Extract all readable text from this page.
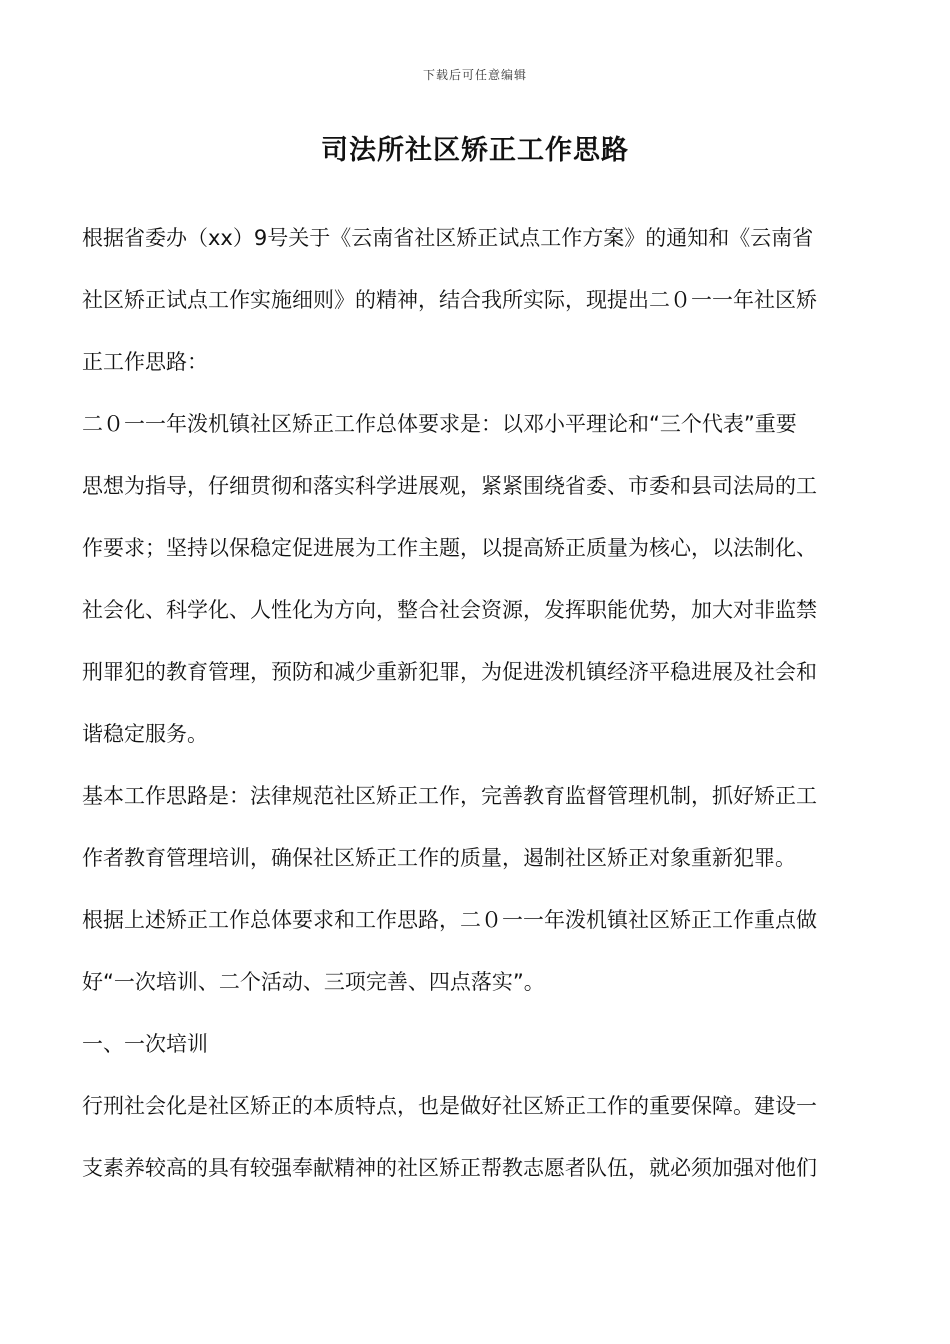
下载后可任意编辑
司法所社区矫正工作思路
根据省委办（xx）9号关于《云南省社区矫正试点工作方案》的通知和《云南省
社区矫正试点工作实施细则》的精神，结合我所实际，现提出二０一一年社区矫
正工作思路：
二０一一年泼机镇社区矫正工作总体要求是：以邓小平理论和“三个代表”重要
思想为指导，仔细贯彻和落实科学进展观，紧紧围绕省委、市委和县司法局的工
作要求；坚持以保稳定促进展为工作主题，以提高矫正质量为核心，以法制化、
社会化、科学化、人性化为方向，整合社会资源，发挥职能优势，加大对非监禁
刑罪犯的教育管理，预防和减少重新犯罪，为促进泼机镇经济平稳进展及社会和
谐稳定服务。
基本工作思路是：法律规范社区矫正工作，完善教育监督管理机制，抓好矫正工
作者教育管理培训，确保社区矫正工作的质量，遏制社区矫正对象重新犯罪。
根据上述矫正工作总体要求和工作思路，二０一一年泼机镇社区矫正工作重点做
好“一次培训、二个活动、三项完善、四点落实”。
一、一次培训
行刑社会化是社区矫正的本质特点，也是做好社区矫正工作的重要保障。建设一
支素养较高的具有较强奉献精神的社区矫正帮教志愿者队伍，就必须加强对他们
